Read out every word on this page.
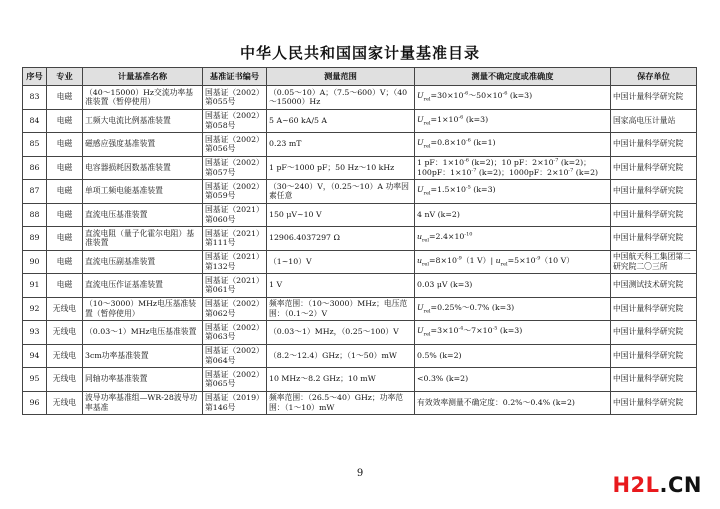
中华人民共和国国家计量基准目录
序号	专业	计量基准名称	基准证书编号	测量范围	测量不确定度或准确度	保存单位
83	电磁	（40～15000）Hz交流功率基准装置（暂停使用）	国基证（2002）第055号	（0.05～10）A；（7.5～600）V；（40～15000）Hz	$U_{rel}=30\times 10^{-6}\sim 50\times 10^{-6}$ (k=3)	中国计量科学研究院
84	电磁	工频大电流比例基准装置	国基证（2002）第058号	5 A~60 kA/5 A	$U_{rel}=1\times 10^{-6}$ (k=3)	国家高电压计量站
85	电磁	磁感应强度基准装置	国基证（2002）第056号	0.23 mT	$U_{rel}=0.8\times 10^{-6}$ (k=1)	中国计量科学研究院
86	电磁	电容器损耗因数基准装置	国基证（2002）第057号	1 pF～1000 pF；50 Hz～10 kHz	1 pF：$1\times 10^{-6}$ (k=2)；10 pF：$2\times 10^{-7}$ (k=2)；100pF：$1\times 10^{-7}$ (k=2)；1000pF：$2\times 10^{-7}$ (k=2)	中国计量科学研究院
87	电磁	单项工频电能基准装置	国基证（2002）第059号	（30～240）V，（0.25～10）A 功率因素任意	$U_{rel}=1.5\times 10^{-5}$ (k=3)	中国计量科学研究院
88	电磁	直流电压基准装置	国基证（2021）第060号	150 μV~10 V	4 nV (k=2)	中国计量科学研究院
89	电磁	直流电阻（量子化霍尔电阻）基准装置	国基证（2021）第111号	12906.4037297 Ω	$u_{rel}=2.4\times 10^{-10}$	中国计量科学研究院
90	电磁	直流电压副基准装置	国基证（2021）第132号	（1~10）V	$u_{rel}=8\times 10^{-9}(1$ V）| $u_{rel}=5\times 10^{-9}(10$ V）	中国航天科工集团第二研究院二〇三所
91	电磁	直流电压作证基准装置	国基证（2021）第061号	1 V	0.03 μV (k=3)	中国测试技术研究院
92	无线电	（10～3000）MHz电压基准装置（暂停使用）	国基证（2002）第062号	频率范围：（10～3000）MHz；电压范围：（0.1～2）V	$U_{rel}=0.25\%\sim 0.7\%$ (k=3)	中国计量科学研究院
93	无线电	（0.03～1）MHz电压基准装置	国基证（2002）第063号	（0.03～1）MHz，（0.25～100）V	$U_{rel}=3\times 10^{-4}\sim 7\times 10^{-5}$ (k=3)	中国计量科学研究院
94	无线电	3cm功率基准装置	国基证（2002）第064号	（8.2～12.4）GHz；（1～50）mW	0.5% (k=2)	中国计量科学研究院
95	无线电	同轴功率基准装置	国基证（2002）第065号	10 MHz～8.2 GHz；10 mW	<0.3% (k=2)	中国计量科学研究院
96	无线电	波导功率基准组—WR-28波导功率基准	国基证（2019）第146号	频率范围：（26.5～40）GHz；功率范围：（1～10）mW	有效效率测量不确定度：0.2%～0.4% (k=2)	中国计量科学研究院
9	H2L.CN
